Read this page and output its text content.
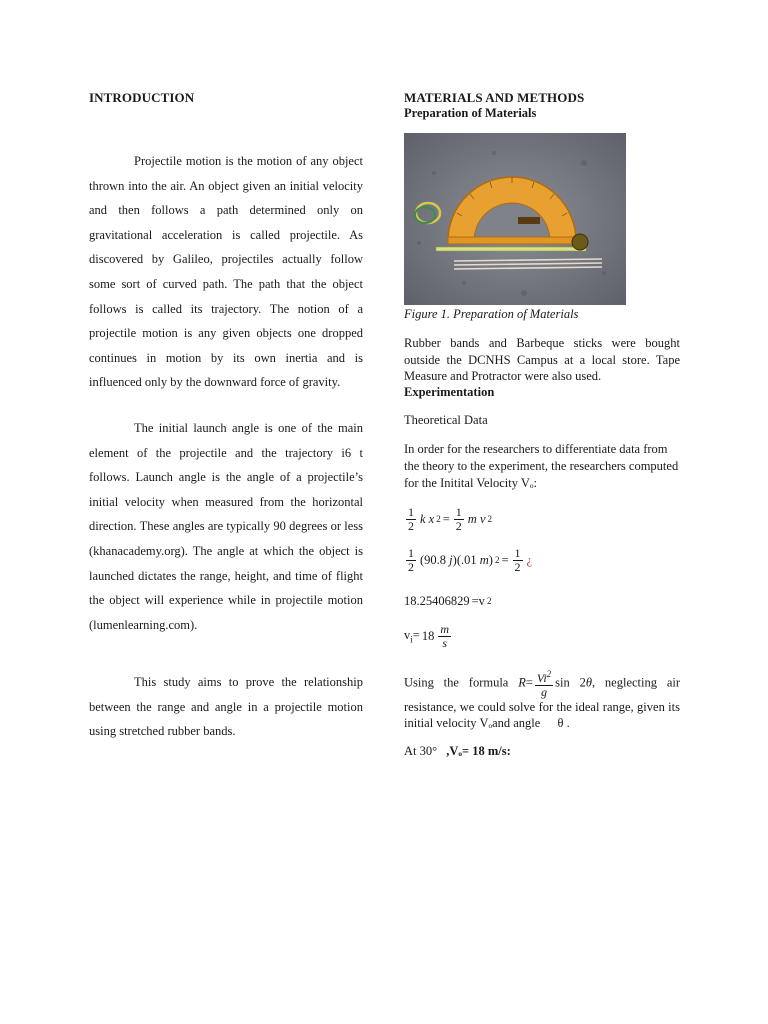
INTRODUCTION

Projectile motion is the motion of any object thrown into the air. An object given an initial velocity and then follows a path determined only on gravitational acceleration is called projectile. As discovered by Galileo, projectiles actually follow some sort of curved path. The path that the object follows is called its trajectory. The notion of a projectile motion is any given objects one dropped continues in motion by its own inertia and is influenced only by the downward force of gravity.

The initial launch angle is one of the main element of the projectile and the trajectory i6 t follows. Launch angle is the angle of a projectile’s initial velocity when measured from the horizontal direction. These angles are typically 90 degrees or less (khanacademy.org). The angle at which the object is launched dictates the range, height, and time of flight the object will experience while in projectile motion (lumenlearning.com).

This study aims to prove the relationship between the range and angle in a projectile motion using stretched rubber bands.

MATERIALS AND METHODS
Preparation of Materials
Figure 1. Preparation of Materials

Rubber bands and Barbeque sticks were bought outside the DCNHS Campus at a local store. Tape Measure and Protractor were also used.

Experimentation

Theoretical Data

In order for the researchers to differentiate data from the theory to the experiment, the researchers computed for the Initital Velocity Vₒ:

$\frac{1}{2}$ k x $2 = \frac{1}{2}$ m v 2
$\frac{1}{2} (90.8$ j)(.01 m) $2 = \frac{1}{2}$ ¿
18.25406829 =v 2
$v_i= 18 \frac{m}{s}$
Using the formula $R= \frac{Vi^2}{g}$ sin 2θ, neglecting air resistance, we could solve for the ideal range, given its initial velocity Vₒand angle θ .
At 30° ,Vₒ= 18 m/s:
